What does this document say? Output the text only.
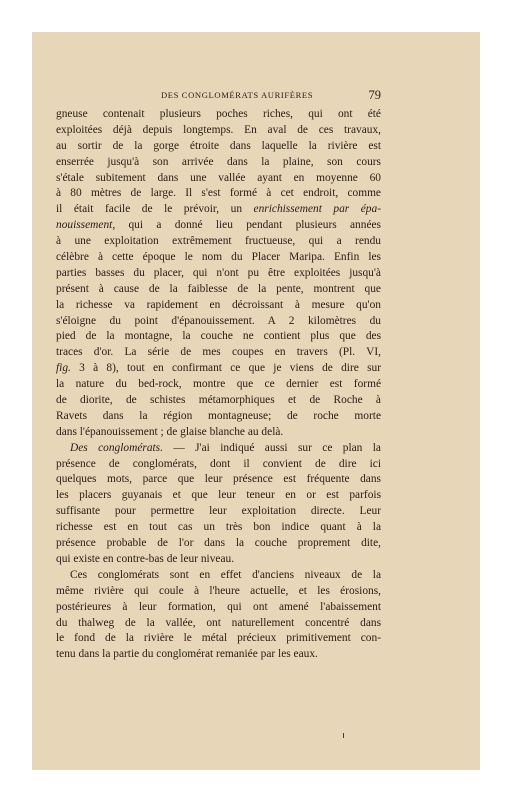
DES CONGLOMÉRATS AURIFÈRES	79
gneuse contenait plusieurs poches riches, qui ont été
exploitées déjà depuis longtemps. En aval de ces travaux,
au sortir de la gorge étroite dans laquelle la rivière est
enserrée jusqu'à son arrivée dans la plaine, son cours
s'étale subitement dans une vallée ayant en moyenne 60
à 80 mètres de large. Il s'est formé à cet endroit, comme
il était facile de le prévoir, un enrichissement par épa-
nouissement, qui a donné lieu pendant plusieurs années
à une exploitation extrêmement fructueuse, qui a rendu
célèbre à cette époque le nom du Placer Maripa. Enfin les
parties basses du placer, qui n'ont pu être exploitées jusqu'à
présent à cause de la faiblesse de la pente, montrent que
la richesse va rapidement en décroissant à mesure qu'on
s'éloigne du point d'épanouissement. A 2 kilomètres du
pied de la montagne, la couche ne contient plus que des
traces d'or. La série de mes coupes en travers (Pl. VI,
fig. 3 à 8), tout en confirmant ce que je viens de dire sur
la nature du bed-rock, montre que ce dernier est formé
de diorite, de schistes métamorphiques et de Roche à
Ravets dans la région montagneuse; de roche morte
dans l'épanouissement ; de glaise blanche au delà.
Des conglomérats. — J'ai indiqué aussi sur ce plan la
présence de conglomérats, dont il convient de dire ici
quelques mots, parce que leur présence est fréquente dans
les placers guyanais et que leur teneur en or est parfois
suffisante pour permettre leur exploitation directe. Leur
richesse est en tout cas un très bon indice quant à la
présence probable de l'or dans la couche proprement dite,
qui existe en contre-bas de leur niveau.
Ces conglomérats sont en effet d'anciens niveaux de la
même rivière qui coule à l'heure actuelle, et les érosions,
postérieures à leur formation, qui ont amené l'abaissement
du thalweg de la vallée, ont naturellement concentré dans
le fond de la rivière le métal précieux primitivement con-
tenu dans la partie du conglomérat remaniée par les eaux.
